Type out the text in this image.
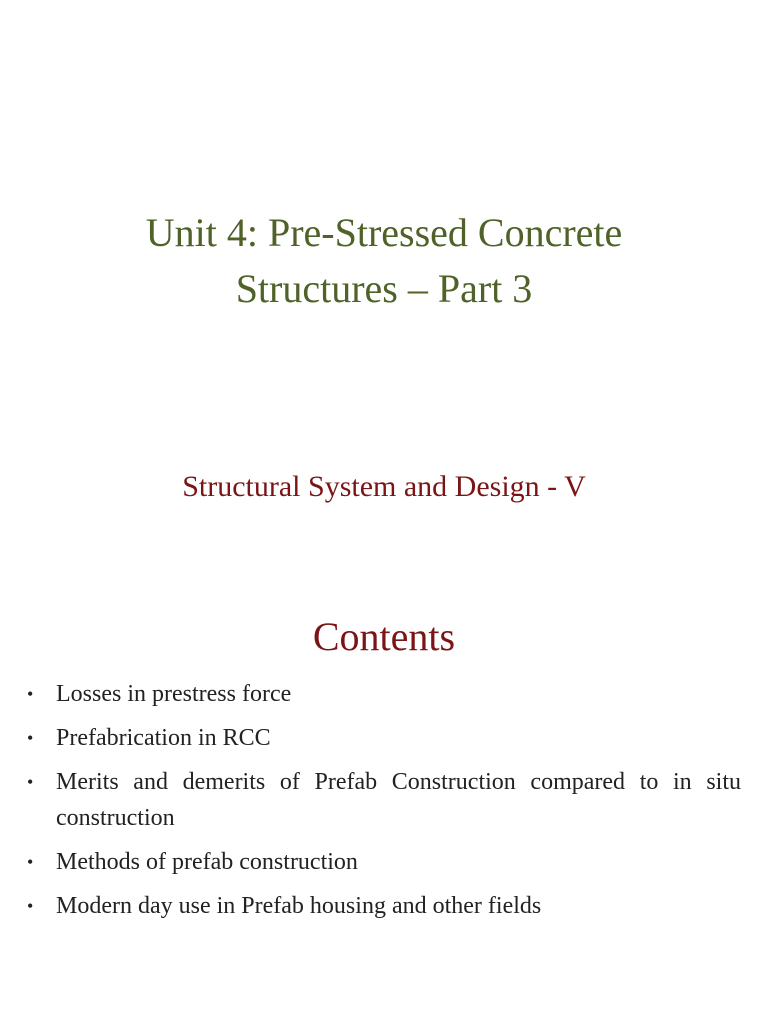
Unit 4: Pre-Stressed Concrete
Structures – Part 3

Structural System and Design - V

Contents
• Losses in prestress force
• Prefabrication in RCC
• Merits and demerits of Prefab Construction compared to in situ construction
• Methods of prefab construction
• Modern day use in Prefab housing and other fields
